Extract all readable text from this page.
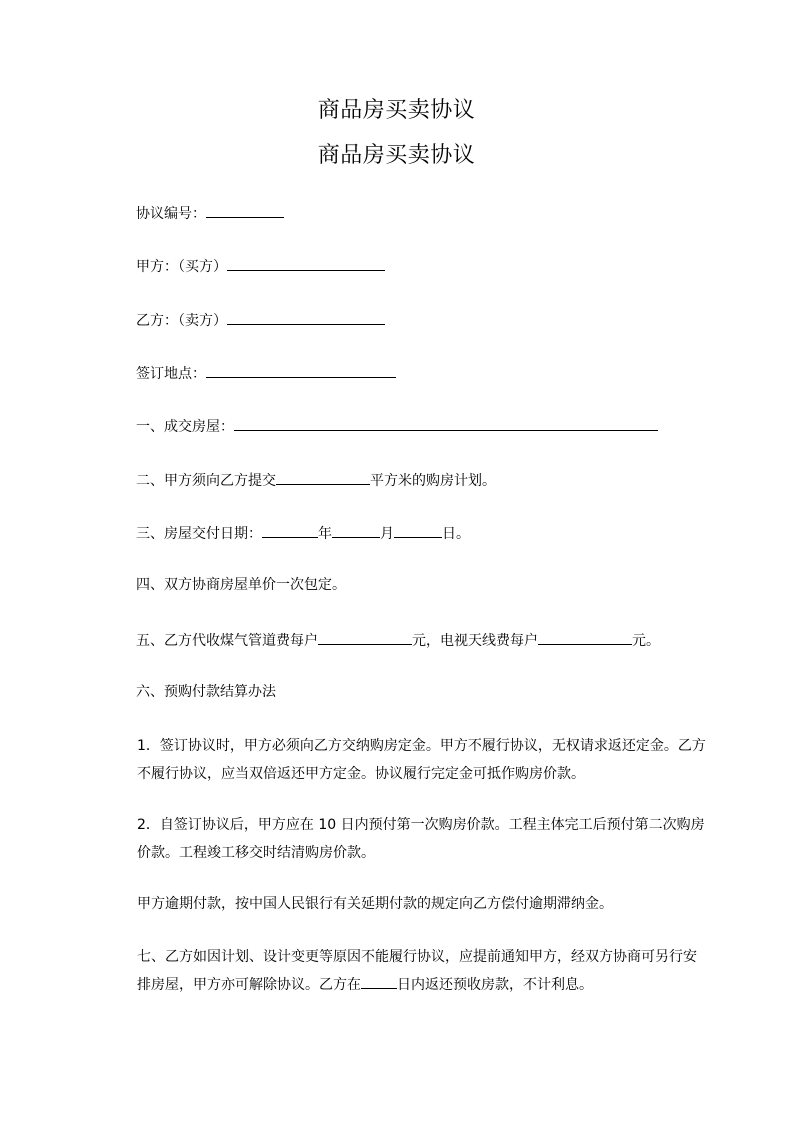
商品房买卖协议
商品房买卖协议
协议编号：
甲方：（买方）
乙方：（卖方）
签订地点：
一、成交房屋：
二、甲方须向乙方提交	平方米的购房计划。
三、房屋交付日期：	年	月	日。
四、双方协商房屋单价一次包定。
五、乙方代收煤气管道费每户	元，电视天线费每户	元。
六、预购付款结算办法
1．签订协议时，甲方必须向乙方交纳购房定金。甲方不履行协议，无权请求返还定金。乙方不履行协议，应当双倍返还甲方定金。协议履行完定金可抵作购房价款。
2．自签订协议后，甲方应在 10 日内预付第一次购房价款。工程主体完工后预付第二次购房价款。工程竣工移交时结清购房价款。
甲方逾期付款，按中国人民银行有关延期付款的规定向乙方偿付逾期滞纳金。
七、乙方如因计划、设计变更等原因不能履行协议，应提前通知甲方，经双方协商可另行安排房屋，甲方亦可解除协议。乙方在	日内返还预收房款，不计利息。
